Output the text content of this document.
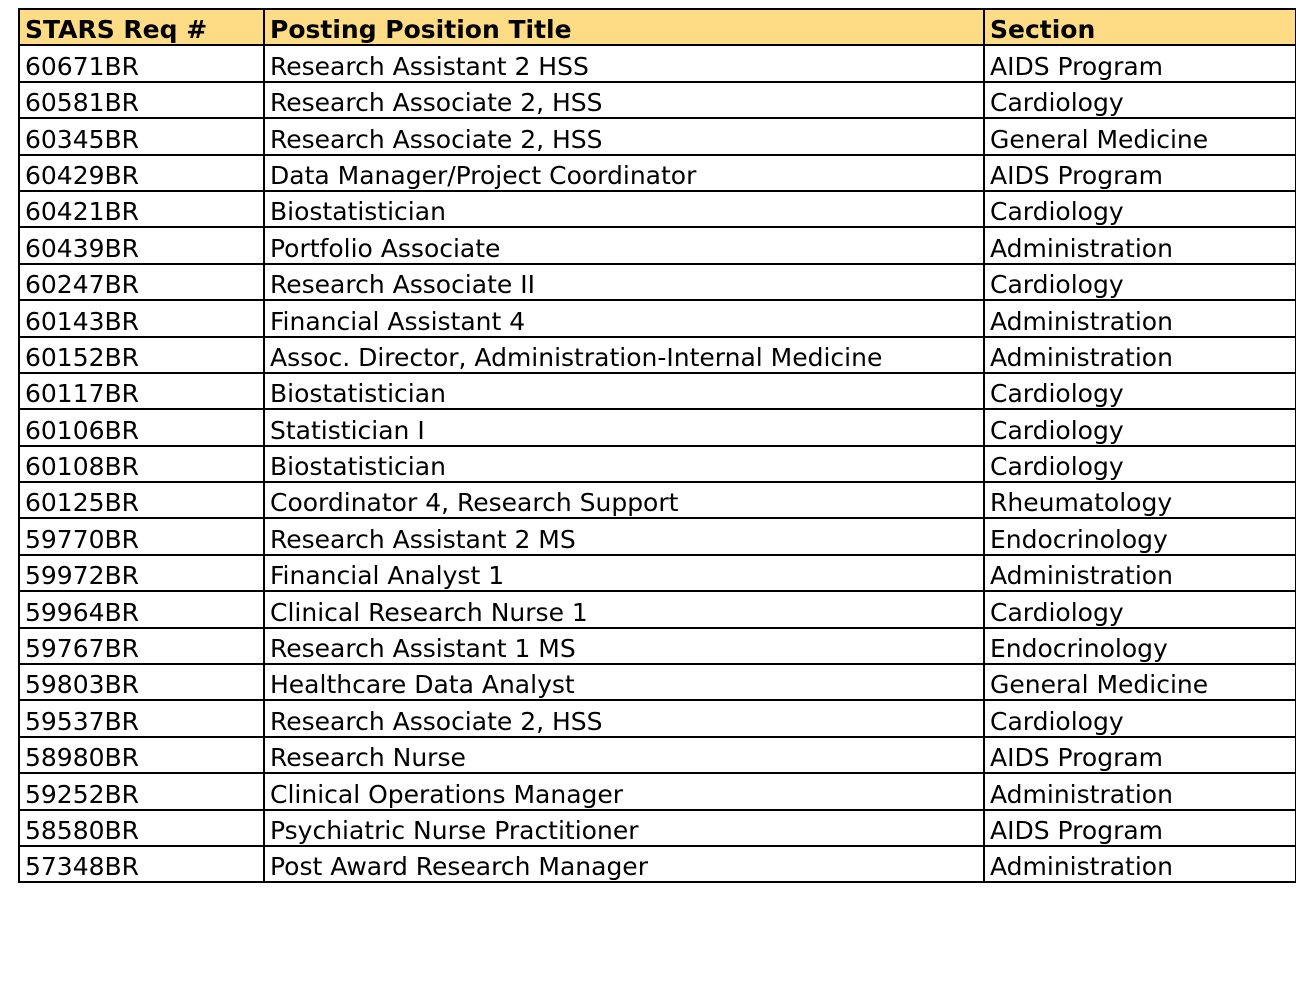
STARS Req #	Posting Position Title	Section
60671BR	Research Assistant 2 HSS	AIDS Program
60581BR	Research Associate 2, HSS	Cardiology
60345BR	Research Associate 2, HSS	General Medicine
60429BR	Data Manager/Project Coordinator	AIDS Program
60421BR	Biostatistician	Cardiology
60439BR	Portfolio Associate	Administration
60247BR	Research Associate II	Cardiology
60143BR	Financial Assistant 4	Administration
60152BR	Assoc. Director, Administration-Internal Medicine	Administration
60117BR	Biostatistician	Cardiology
60106BR	Statistician I	Cardiology
60108BR	Biostatistician	Cardiology
60125BR	Coordinator 4, Research Support	Rheumatology
59770BR	Research Assistant 2 MS	Endocrinology
59972BR	Financial Analyst 1	Administration
59964BR	Clinical Research Nurse 1	Cardiology
59767BR	Research Assistant 1 MS	Endocrinology
59803BR	Healthcare Data Analyst	General Medicine
59537BR	Research Associate 2, HSS	Cardiology
58980BR	Research Nurse	AIDS Program
59252BR	Clinical Operations Manager	Administration
58580BR	Psychiatric Nurse Practitioner	AIDS Program
57348BR	Post Award Research Manager	Administration
